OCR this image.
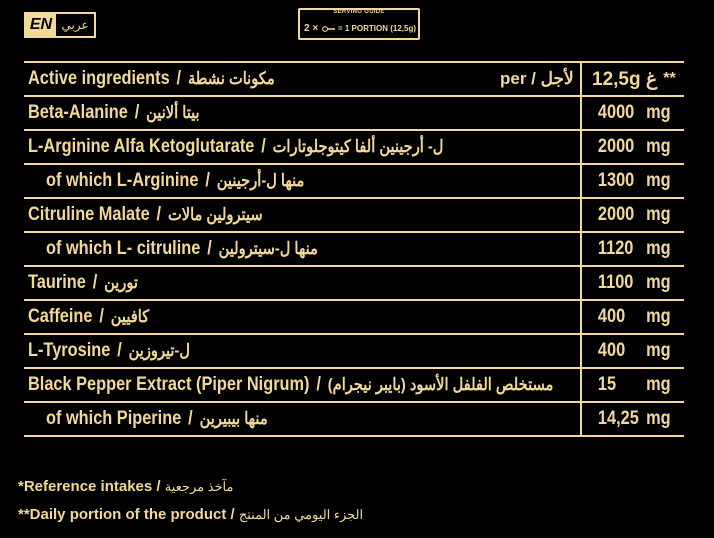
EN عربي
SERVING GUIDE
2 × = 1 PORTION (12,5g)
Active ingredients / مكونات نشطة	per / لأجل 12,5g غ **
Beta-Alanine / بيتا ألانين	4000 mg
L-Arginine Alfa Ketoglutarate / ل- أرجينين ألفا كيتوجلوتارات	2000 mg
of which L-Arginine / منها ل-أرجينين	1300 mg
Citruline Malate / سيترولين مالات	2000 mg
of which L- citruline / منها ل-سيترولين	1120 mg
Taurine / تورين	1100 mg
Caffeine / كافيين	400	mg
L-Tyrosine / ل-تيروزين	400	mg
Black Pepper Extract (Piper Nigrum) / مستخلص الفلفل الأسود (بايبر نيجرام) 15	mg
of which Piperine / منها بيبيرين	14,25 mg
*Reference intakes / مآخذ مرجعية
**Daily portion of the product / الجزء اليومي من المنتج
